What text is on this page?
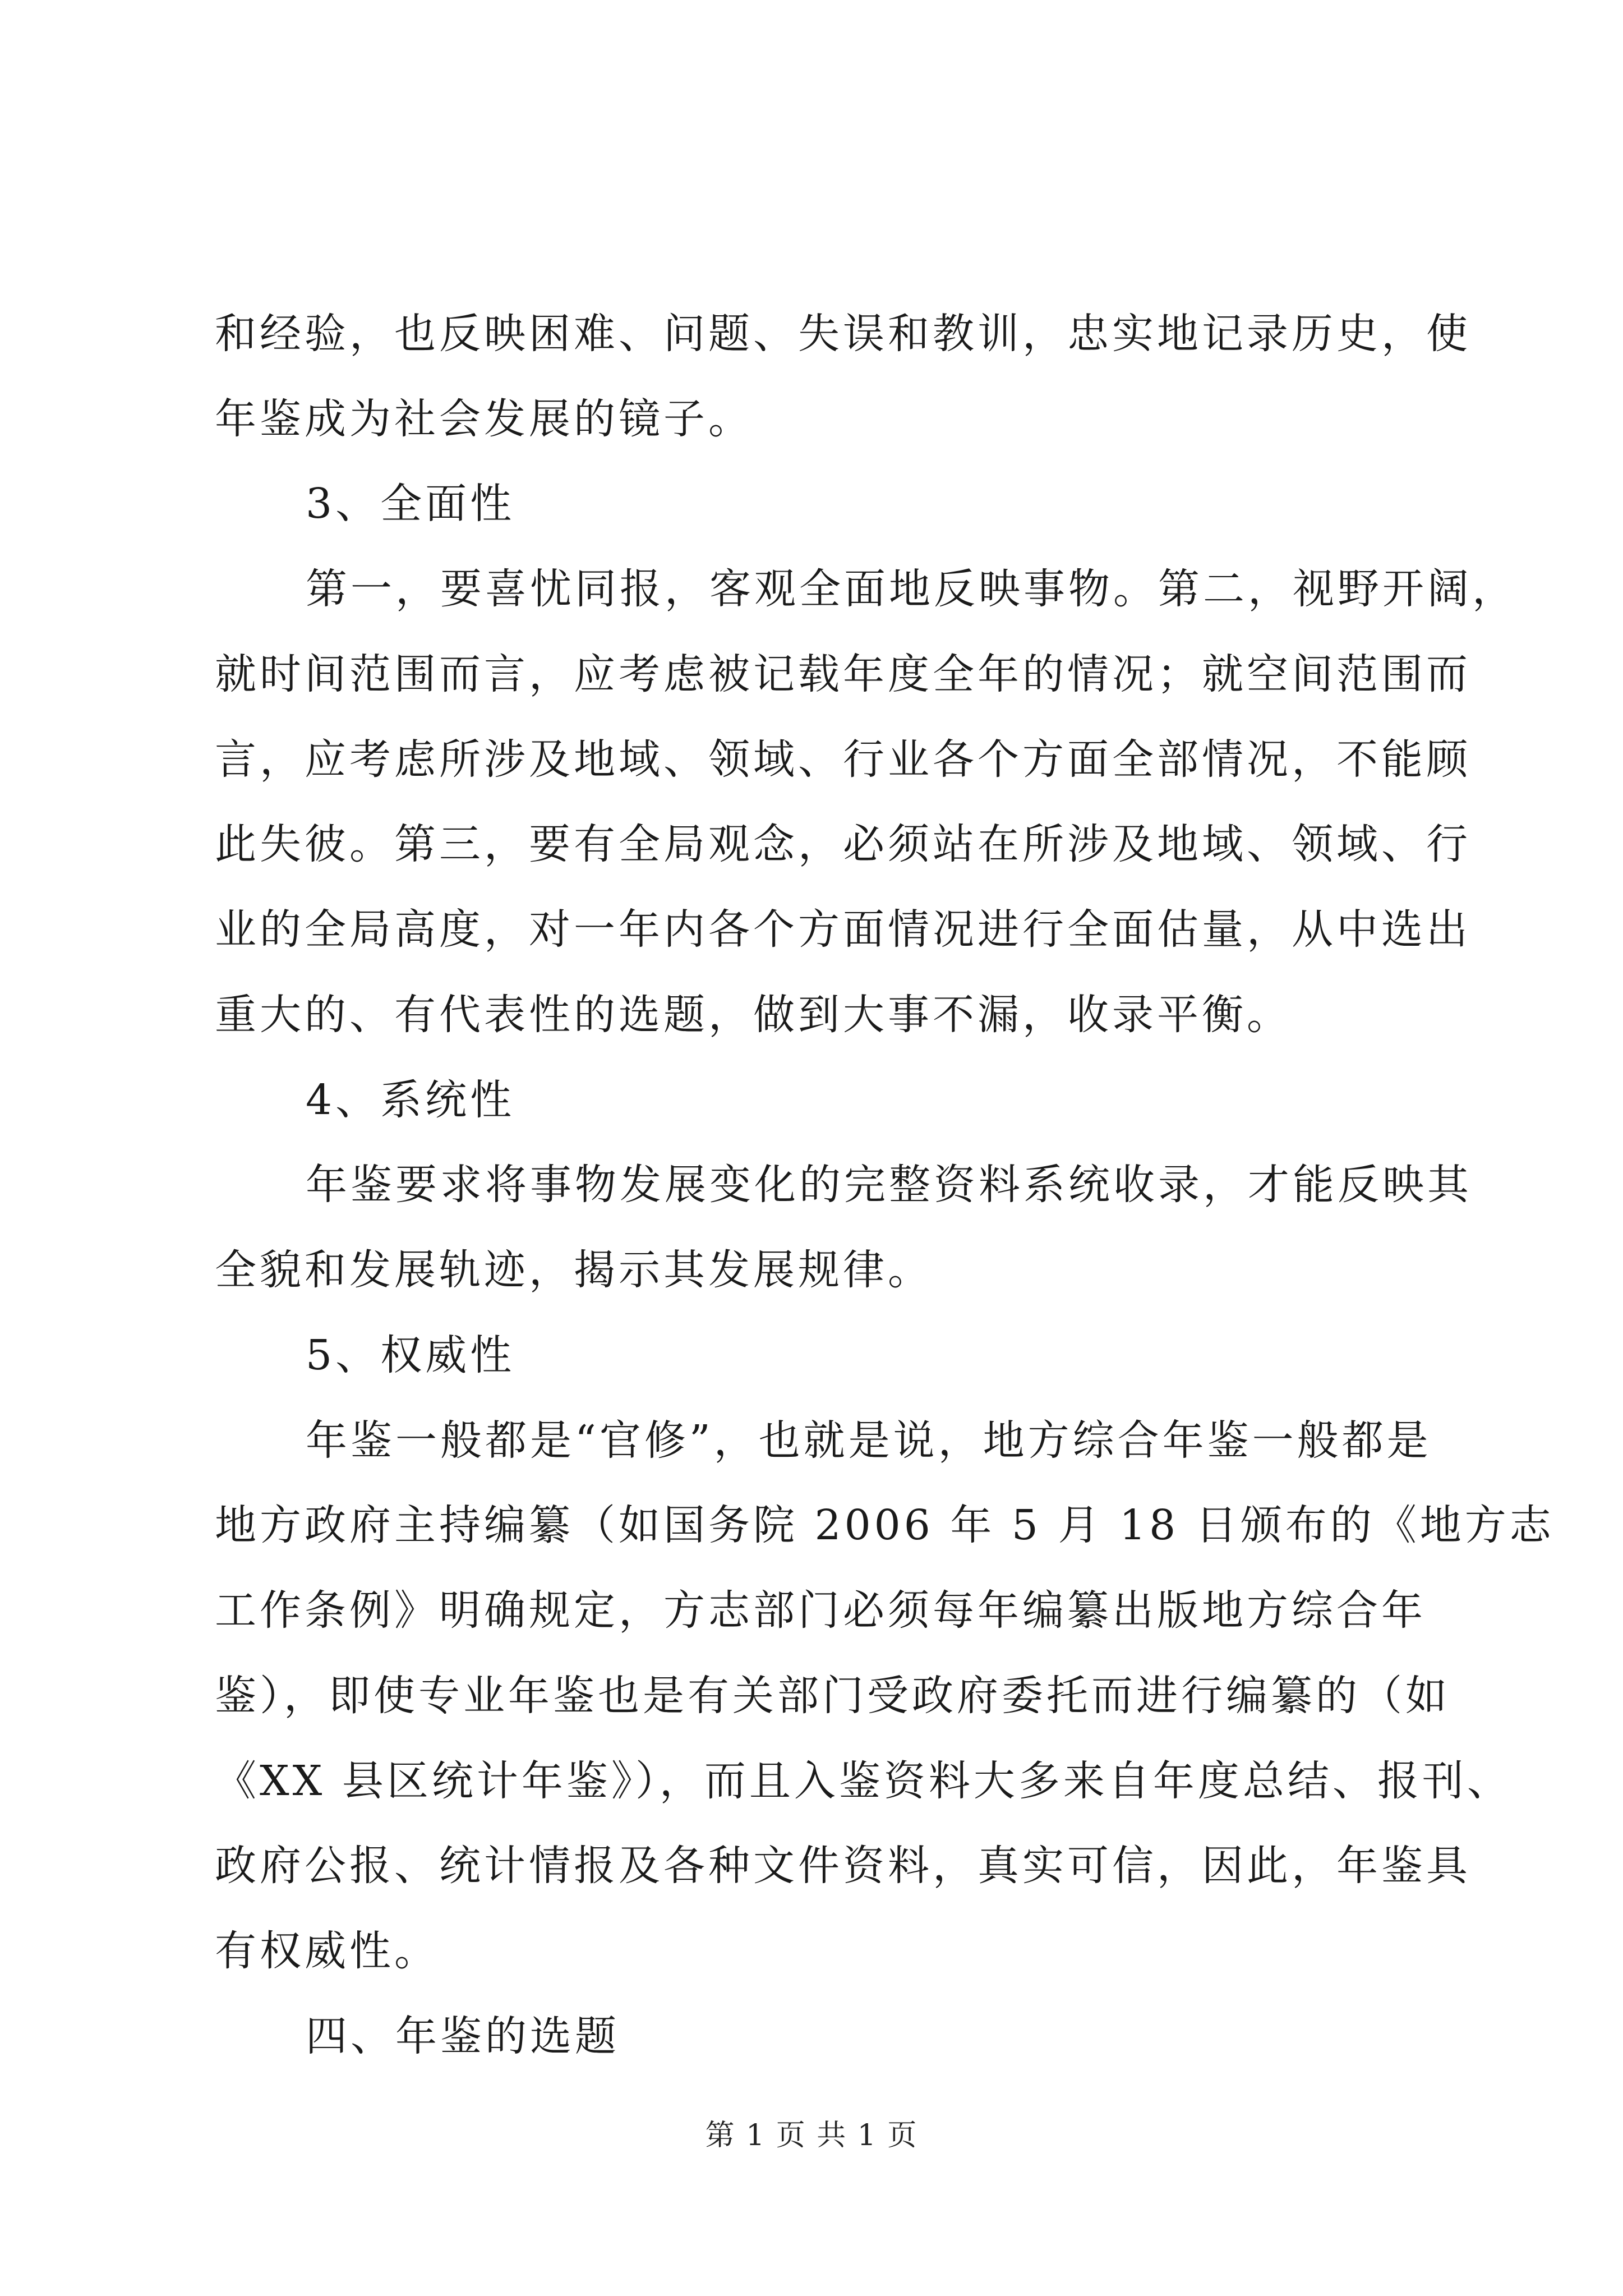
和经验，也反映困难、问题、失误和教训，忠实地记录历史，使
年鉴成为社会发展的镜子。
3、全面性
第一，要喜忧同报，客观全面地反映事物。第二，视野开阔，
就时间范围而言，应考虑被记载年度全年的情况；就空间范围而
言，应考虑所涉及地域、领域、行业各个方面全部情况，不能顾
此失彼。第三，要有全局观念，必须站在所涉及地域、领域、行
业的全局高度，对一年内各个方面情况进行全面估量，从中选出
重大的、有代表性的选题，做到大事不漏，收录平衡。
4、系统性
年鉴要求将事物发展变化的完整资料系统收录，才能反映其
全貌和发展轨迹，揭示其发展规律。
5、权威性
年鉴一般都是“官修”，也就是说，地方综合年鉴一般都是
地方政府主持编纂（如国务院 2006 年 5 月 18 日颁布的《地方志
工作条例》明确规定，方志部门必须每年编纂出版地方综合年
鉴），即使专业年鉴也是有关部门受政府委托而进行编纂的（如
《XX 县区统计年鉴》），而且入鉴资料大多来自年度总结、报刊、
政府公报、统计情报及各种文件资料，真实可信，因此，年鉴具
有权威性。
四、年鉴的选题
第 1 页 共 1 页
